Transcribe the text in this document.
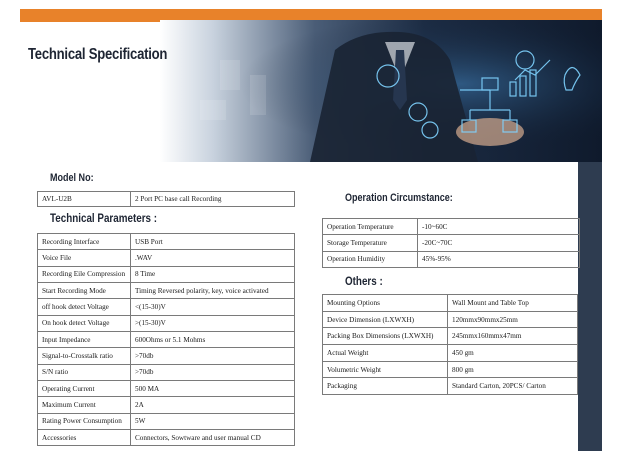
Technical Specification
Model No:
AVL-U2B	2 Port PC base call Recording
Technical Parameters :
Recording Interface	USB Port
Voice File	.WAV
Recording Eile Compression	8 Time
Start Recording Mode	Timing Reversed polarity, key, voice activated
off hook detect Voltage	<(15-30)V
On hook detect Voltage	>(15-30)V
Input Impedance	600Ohms or 5.1 Mohms
Signal-to-Crosstalk ratio	>70db
S/N ratio	>70db
Operating Current	500 MA
Maximum Current	2A
Rating Power Consumption	5W
Accessories	Connectors, Sowtware and user manual CD
Operation Circumstance:
Operation Temperature	-10~60C
Storage Temperature	-20C~70C
Operation Humidity	45%-95%
Others :
Mounting Options	Wall Mount and Table Top
Device Dimension (LXWXH)	120mmx90mmx25mm
Packing Box Dimensions (LXWXH)	245mmx160mmx47mm
Actual Weight	450 gm
Volumetric Weight	800 gm
Packaging	Standard Carton, 20PCS/ Carton
